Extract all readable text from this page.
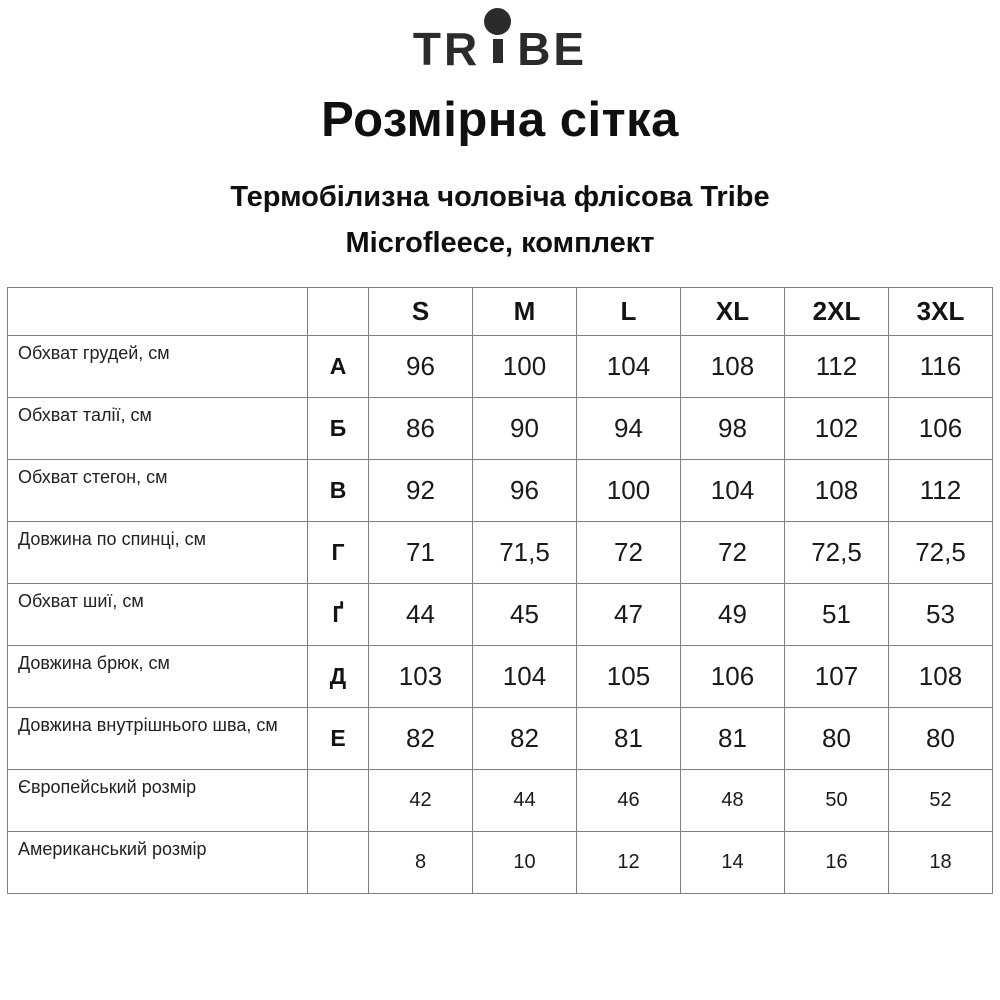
TR BE
Розмірна сітка
Термобілизна чоловіча флісова Tribe
Microfleece, комплект
		S	M	L	XL	2XL	3XL
Обхват грудей, см	А	96	100	104	108	112	116
Обхват талії, см	Б	86	90	94	98	102	106
Обхват стегон, см	В	92	96	100	104	108	112
Довжина по спинці, см	Г	71	71,5	72	72	72,5	72,5
Обхват шиї, см	Ґ	44	45	47	49	51	53
Довжина брюк, см	Д	103	104	105	106	107	108
Довжина внутрішнього шва, см	Е	82	82	81	81	80	80
Європейський розмір		42	44	46	48	50	52
Американський розмір		8	10	12	14	16	18
